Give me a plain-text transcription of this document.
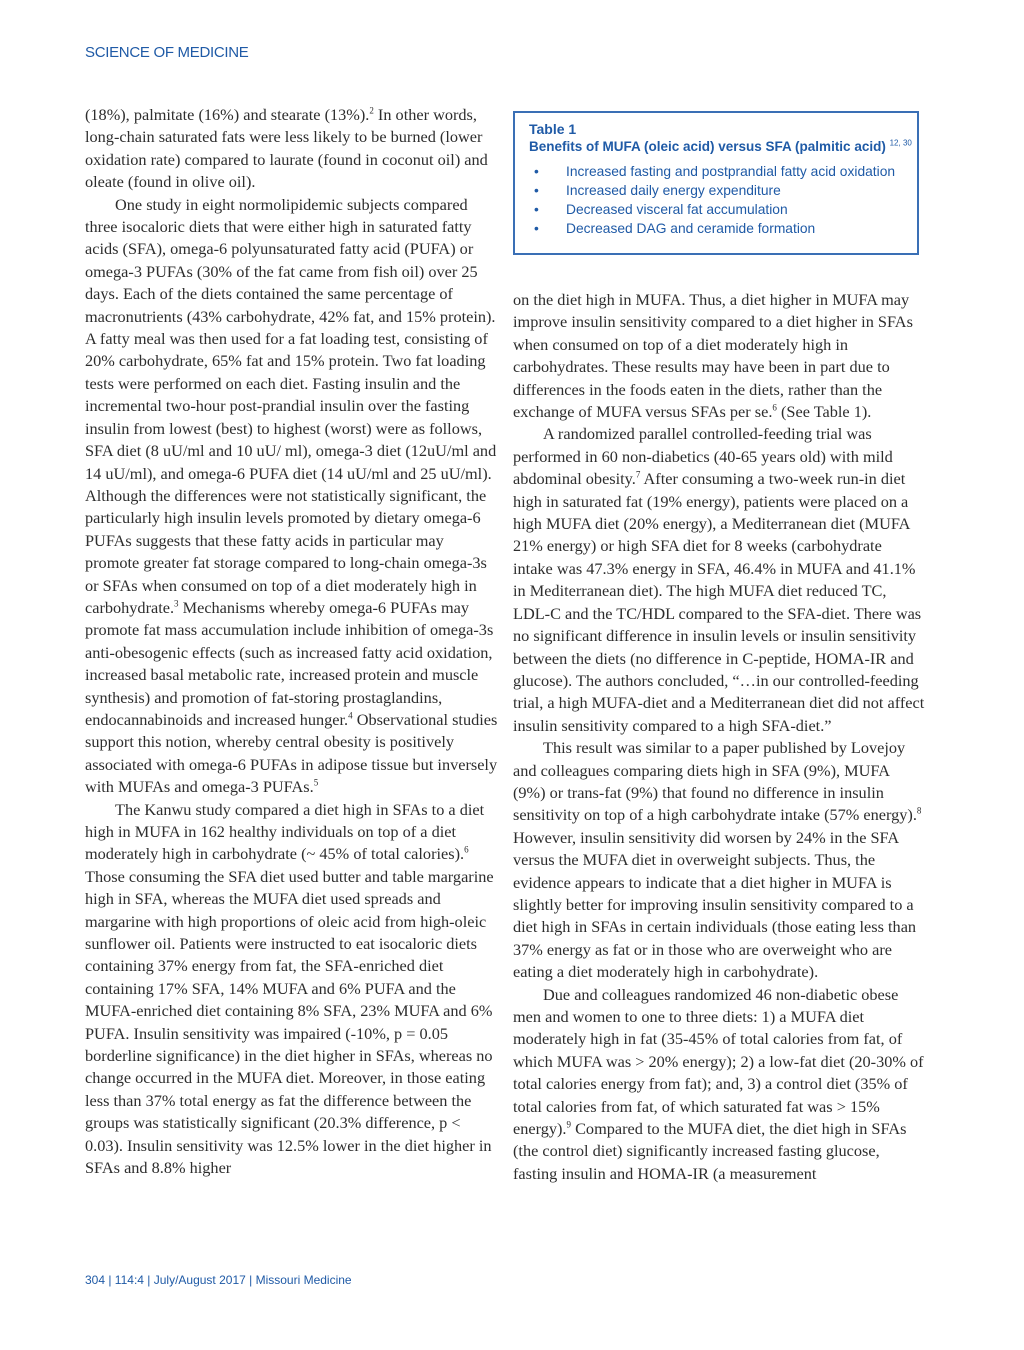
SCIENCE OF MEDICINE

(18%), palmitate (16%) and stearate (13%).$^2$ In other words, long-chain saturated fats were less likely to be burned (lower oxidation rate) compared to laurate (found in coconut oil) and oleate (found in olive oil).

One study in eight normolipidemic subjects compared three isocaloric diets that were either high in saturated fatty acids (SFA), omega-6 polyunsaturated fatty acid (PUFA) or omega-3 PUFAs (30% of the fat came from fish oil) over 25 days. Each of the diets contained the same percentage of macronutrients (43% carbohydrate, 42% fat, and 15% protein). A fatty meal was then used for a fat loading test, consisting of 20% carbohydrate, 65% fat and 15% protein. Two fat loading tests were performed on each diet. Fasting insulin and the incremental two-hour post-prandial insulin over the fasting insulin from lowest (best) to highest (worst) were as follows, SFA diet (8 uU/ml and 10 uU/ ml), omega-3 diet (12uU/ml and 14 uU/ml), and omega-6 PUFA diet (14 uU/ml and 25 uU/ml). Although the differences were not statistically significant, the particularly high insulin levels promoted by dietary omega-6 PUFAs suggests that these fatty acids in particular may promote greater fat storage compared to long-chain omega-3s or SFAs when consumed on top of a diet moderately high in carbohydrate.$^3$ Mechanisms whereby omega-6 PUFAs may promote fat mass accumulation include inhibition of omega-3s anti-obesogenic effects (such as increased fatty acid oxidation, increased basal metabolic rate, increased protein and muscle synthesis) and promotion of fat-storing prostaglandins, endocannabinoids and increased hunger.$^4$ Observational studies support this notion, whereby central obesity is positively associated with omega-6 PUFAs in adipose tissue but inversely with MUFAs and omega-3 PUFAs.$^5$

The Kanwu study compared a diet high in SFAs to a diet high in MUFA in 162 healthy individuals on top of a diet moderately high in carbohydrate (~ 45% of total calories).$^6$ Those consuming the SFA diet used butter and table margarine high in SFA, whereas the MUFA diet used spreads and margarine with high proportions of oleic acid from high-oleic sunflower oil. Patients were instructed to eat isocaloric diets containing 37% energy from fat, the SFA-enriched diet containing 17% SFA, 14% MUFA and 6% PUFA and the MUFA-enriched diet containing 8% SFA, 23% MUFA and 6% PUFA. Insulin sensitivity was impaired (-10%, p = 0.05 borderline significance) in the diet higher in SFAs, whereas no change occurred in the MUFA diet. Moreover, in those eating less than 37% total energy as fat the difference between the groups was statistically significant (20.3% difference, p < 0.03). Insulin sensitivity was 12.5% lower in the diet higher in SFAs and 8.8% higher

Table 1
Benefits of MUFA (oleic acid) versus SFA (palmitic acid) $^{12, 30}$
• Increased fasting and postprandial fatty acid oxidation
• Increased daily energy expenditure
• Decreased visceral fat accumulation
• Decreased DAG and ceramide formation

on the diet high in MUFA. Thus, a diet higher in MUFA may improve insulin sensitivity compared to a diet higher in SFAs when consumed on top of a diet moderately high in carbohydrates. These results may have been in part due to differences in the foods eaten in the diets, rather than the exchange of MUFA versus SFAs per se.$^6$ (See Table 1).

A randomized parallel controlled-feeding trial was performed in 60 non-diabetics (40-65 years old) with mild abdominal obesity.$^7$ After consuming a two-week run-in diet high in saturated fat (19% energy), patients were placed on a high MUFA diet (20% energy), a Mediterranean diet (MUFA 21% energy) or high SFA diet for 8 weeks (carbohydrate intake was 47.3% energy in SFA, 46.4% in MUFA and 41.1% in Mediterranean diet). The high MUFA diet reduced TC, LDL-C and the TC/HDL compared to the SFA-diet. There was no significant difference in insulin levels or insulin sensitivity between the diets (no difference in C-peptide, HOMA-IR and glucose). The authors concluded, “…in our controlled-feeding trial, a high MUFA-diet and a Mediterranean diet did not affect insulin sensitivity compared to a high SFA-diet.”

This result was similar to a paper published by Lovejoy and colleagues comparing diets high in SFA (9%), MUFA (9%) or trans-fat (9%) that found no difference in insulin sensitivity on top of a high carbohydrate intake (57% energy).$^8$ However, insulin sensitivity did worsen by 24% in the SFA versus the MUFA diet in overweight subjects. Thus, the evidence appears to indicate that a diet higher in MUFA is slightly better for improving insulin sensitivity compared to a diet high in SFAs in certain individuals (those eating less than 37% energy as fat or in those who are overweight who are eating a diet moderately high in carbohydrate).

Due and colleagues randomized 46 non-diabetic obese men and women to one to three diets: 1) a MUFA diet moderately high in fat (35-45% of total calories from fat, of which MUFA was > 20% energy); 2) a low-fat diet (20-30% of total calories energy from fat); and, 3) a control diet (35% of total calories from fat, of which saturated fat was > 15% energy).$^9$ Compared to the MUFA diet, the diet high in SFAs (the control diet) significantly increased fasting glucose, fasting insulin and HOMA-IR (a measurement

304 | 114:4 | July/August 2017 | Missouri Medicine
